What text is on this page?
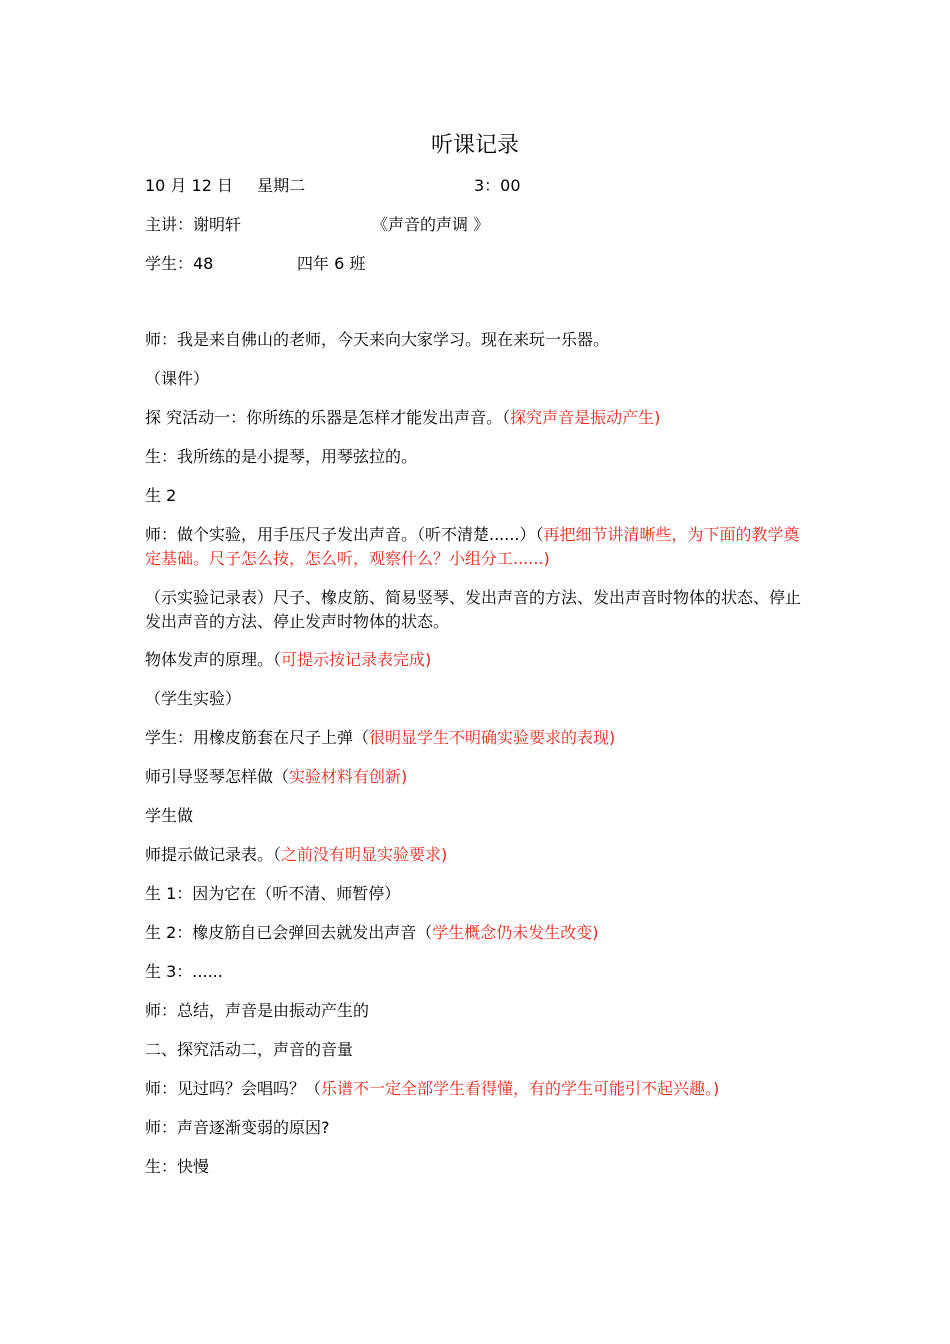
听课记录
10 月 12 日 星期二	3：00
主讲：谢明轩	《声音的声调 》
学生：48	四年 6 班
师：我是来自佛山的老师，今天来向大家学习。现在来玩一乐器。
（课件）
探 究活动一：你所练的乐器是怎样才能发出声音。（探究声音是振动产生)
生：我所练的是小提琴，用琴弦拉的。
生 2
师：做个实验，用手压尺子发出声音。（听不清楚......）（再把细节讲清晰些，为下面的教学奠定基础。尺子怎么按，怎么听，观察什么？小组分工......)
（示实验记录表）尺子、橡皮筋、简易竖琴、发出声音的方法、发出声音时物体的状态、停止发出声音的方法、停止发声时物体的状态。
物体发声的原理。（可提示按记录表完成)
（学生实验）
学生：用橡皮筋套在尺子上弹（很明显学生不明确实验要求的表现)
师引导竖琴怎样做（实验材料有创新)
学生做
师提示做记录表。（之前没有明显实验要求)
生 1：因为它在（听不清、师暂停）
生 2：橡皮筋自已会弹回去就发出声音（学生概念仍未发生改变)
生 3：......
师：总结，声音是由振动产生的
二、探究活动二，声音的音量
师：见过吗？会唱吗？（乐谱不一定全部学生看得懂，有的学生可能引不起兴趣。)
师：声音逐渐变弱的原因?
生：快慢
